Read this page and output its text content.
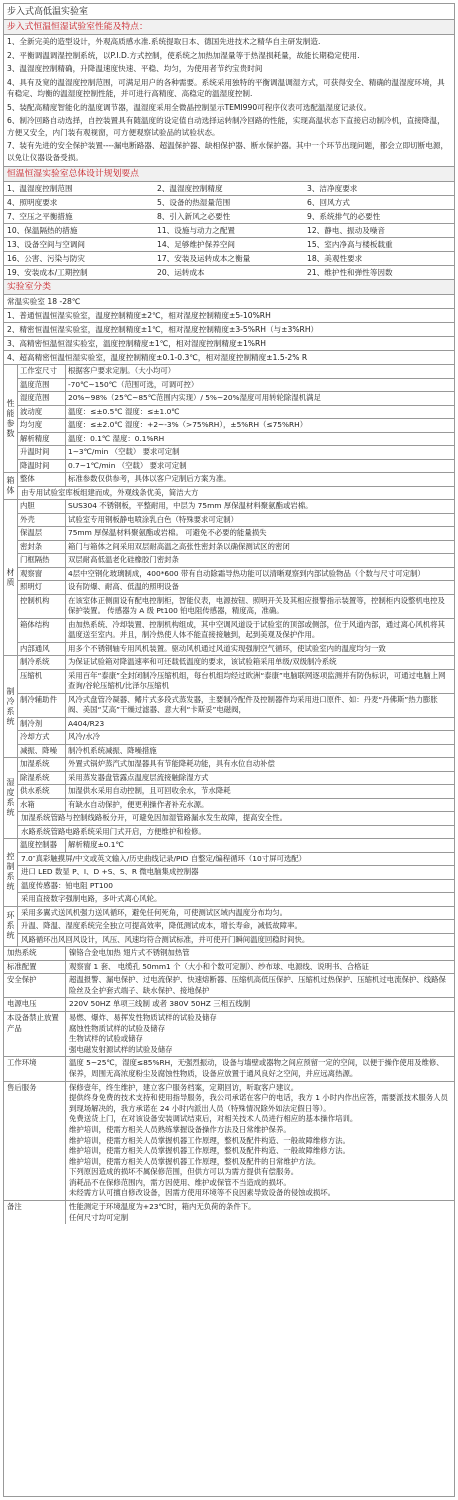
步入式高低温实验室
步入式恒温恒湿试验室性能及特点：
1、全新完美的造型设计，外观高质感水准.系统提取日本、德国先进技术之精华自主研发制造.
2、平衡调温调湿控制系统，以P.I.D.方式控制，使系统之加热加湿量等于热湿损耗量，故能长期稳定使用.
3、温湿度控制精确，升降温速度快速、平稳、均匀，为使用者节约宝贵时间
4、具有及宽的温湿度控制范围，可满足用户的各种需要。系统采用独特的平衡调温调湿方式，可获得安全、精确的温湿度环境，具有稳定、均衡的温湿度控制性能，并可进行高精度、高稳定的温湿度控制.
5、装配高精度智能化的温度调节器，温湿度采用全微晶控制显示TEMI990可程序仪表可选配温湿度记录仪。
6、制冷回路自动选择，自控装置具有随温度的设定值自动选择运转制冷回路的性能，实现高温状态下直接启动制冷机，直接降温，方便又安全，内门装有观视窗，可方便观察试验品的试验状态。
7、装有先进的安全保护装置----漏电断路器、超温保护器、缺相保护器、断水保护器。其中一个环节出现问题，都会立即切断电源，以免让仪器设备受损。
恒温恒湿实验室总体设计规划要点
1、温湿度控制范围	2、温湿度控制精度	3、洁净度要求
4、照明度要求	5、设备的热湿量范围	6、回风方式
7、空压之平衡措施	8、引入新风之必要性	9、系统排气的必要性
10、保温隔热的措施	11、设施与动力之配置	12、静电、振动及噪音
13、设备空间与空调间	14、足够维护保养空间	15、室内净高与楼板载重
16、公害、污染与防灾	17、安装及运转成本之衡量	18、美观性要求
19、安装成本/工期控制	20、运转成本	21、维护性和弹性等因数
实验室分类
常温实验室 18 -28℃
1、普通恒温恒湿实验室，温度控制精度±2℃，相对湿度控制精度±5-10%RH
2、精密恒温恒湿实验室，温度控制精度±1℃，相对湿度控制精度±3-5%RH（与±3%RH）
3、高精密恒温恒湿实验室，温度控制精度±1℃，相对湿度控制精度±1%RH
4、超高精密恒温恒湿实验室，温度控制精度±0.1-0.3℃，相对湿度控制精度±1.5-2% R
性能参数
工作室尺寸	根据客户要求定制。（大小均可）
温度范围	-70℃~150℃（范围可选，可调可控）
湿度范围	20%~98%（25℃~85℃范围内实现）/ 5%~20%湿度可用转轮除湿机满足
波动度	温度：≤±0.5℃ 湿度：≤±1.0℃
均匀度	温度：≤±2.0℃ 湿度：+2~-3%（>75%RH），±5%RH（≤75%RH）
解析精度	温度：0.1℃ 湿度：0.1%RH
升温时间	1~3℃/min （空载） 要求可定制
降温时间	0.7~1℃/min （空载） 要求可定制
箱体
整体	标准参数仅供参考，具体以客户定制后方案为准。
由专用试验室库板组建而成，外观线条优美，简洁大方
材质
内胆	SUS304 不锈钢板，平整耐用，中层为 75mm 厚保温材料聚氨酯或岩棉。
外壳	试验室专用钢板静电喷涂乳白色（特殊要求可定制）
保温层	75mm 厚保温材料聚氨酯或岩棉。 可避免不必要的能量损失
密封条	箱门与箱体之间采用双层耐高温之高张性密封条以确保测试区的密闭
门框隔热	双层耐高低温老化硅橡胶门密封条
观察窗	4层中空钢化玻璃制成，400*600 带有自动除霜导热功能可以清晰观察到内部试验物品（个数与尺寸可定制）
照明灯	设有防爆、耐高、低温的照明设备
控制机构	在该室体正侧面设有配电控制柜，智能仪表，电源按钮、照明开关及其相应报警指示装置等，控制柜内设整机电控及保护装置。 传感器为 A 级 Pt100 铂电阻传感器，精度高，准确。
箱体结构	由加热系统、冷却装置、控制机构组成，其中空调风道设于试验室的顶部或侧部，位于风道内部，通过离心风机将其温度送至室内。并且，制冷热使人体不能直接接触到，起到美观及保护作用。
内部通风	用多个不锈钢轴专用风机装置。驱动风机通过风道实现强制空气循环，使试验室内的温度均匀一致
制冷系统
制冷系统	为保证试验箱对降温速率和可还载低温度的要求，该试验箱采用单级/双级制冷系统
压缩机	采用百年“泰康”全封闭制冷压缩机组，每台机组均经过欧洲“泰康”电脑联网逐项监测并有防伪标识，可通过电脑上网查询/谷轮压缩机/比泽尔压缩机
制冷辅助件	风冷式盘管冷凝器、鳍片式多段式蒸发器，主要制冷配件及控制器件均采用进口原件、如：丹麦“丹佛斯”热力膨胀阀、美国“艾高”干燥过滤器、意大利“卡斯妥”电磁阀，
制冷剂	A404/R23
冷却方式	风冷/水冷
减振、降噪	制冷机系统减振、降噪措施
湿度系统
加湿系统	外置式锅炉蒸汽式加湿器具有节能降耗功能，具有水位自动补偿
除湿系统	采用蒸发器盘管露点温度层流接触除湿方式
供水系统	加湿供水采用自动控制，且可回收余水，节水降耗
水箱	有缺水自动保护，便更利操作者补充水源。
加湿系统管路与控制线路板分开，可避免因加湿管路漏水发生故障，提高安全性。
水路系统管路电路系统采用门式开启，方便维护和检修。
控制系统
温度控制器	解析精度±0.1℃
7.0″真彩触摸屏/中文或英文输入/历史曲线记录/PID 自整定/编程循环（10寸屏可选配）
进口 LED 数显 P、I、D +S、S、R 微电脑集成控制器
温度传感器：铂电阻 PT100
采用直接数字强制电路，多叶式离心风轮。
环系统
采用多翼式送风机强力送风循环，避免任何死角，可使测试区域内温度分布均匀。
升温、降温、湿度系统完全独立可提高效率，降低测试成本，增长寿命，减低故障率。
风路循环出风回风设计，风压、风速均符合测试标准，并可使开门瞬间温度回稳时间快。
加热系统	镍铬合金电加热 翅片式不锈钢加热管

标准配置	观察窗 1 套、 电缆孔 50mm1 个（大小和个数可定制）、纱布球、电源线、说明书、合格证

安全保护	超温报警、漏电保护、过电流保护、快速熔断器、压缩机高低压保护、压缩机过热保护、压缩机过电流保护、线路保险丝及全护套式端子、缺水保护、接地保护

电源电压	220V 50HZ 单项三线制 或者 380V 50HZ 三相五线制

本设备禁止放置产品

易燃、爆炸、易挥发性物质试样的试验及储存

腐蚀性物质试样的试验及储存

生物试样的试验或储存

强电磁发射源试样的试验及储存

工作环境	温度 5~25℃，湿度≤85%RH，无强烈振动，设备与墙壁或器物之间应预留一定的空间，以便于操作使用及维修、保养，周围无高浓度粉尘及腐蚀性物质，设备应放置于通风良好之空间，并应远离热源。

售后服务	保修壹年，终生维护，建立客户服务档案，定期回访，听取客户建议。

提供终身免费的技术支持和使用指导服务，我公司承诺在客户的电话，我方 1 小时内作出应答，需要派技术服务人员到现场解决的，我方承诺在 24 小时内派出人员（特殊情况除外如法定假日等）。

免费送货上门，在对该设备安装调试结束后，对相关技术人员进行相应的基本操作培训。

维护培训，使需方相关人员熟练掌握设备操作方法及日常维护保养。

维护培训，使需方相关人员掌握机器工作原理，整机及配件构造、一般故障维修方法。

维护培训，使需方相关人员掌握机器工作原理，整机及配件构造、一般故障维修方法。

维护培训，使需方相关人员掌握机器工作原理，整机及配件的日常维护方法。

下列原因造成的损坏不属保修范围，但供方可以为需方提供有偿服务。

消耗品不在保修范围内，需方因使用、维护或保管不当造成的损坏。

未经需方认可擅自修改设备，因需方使用环境等不良因素导致设备的侵蚀或损坏。

备注	性能测定于环境温度为+23℃时，箱内无负荷的条件下。

任何尺寸均可定制
